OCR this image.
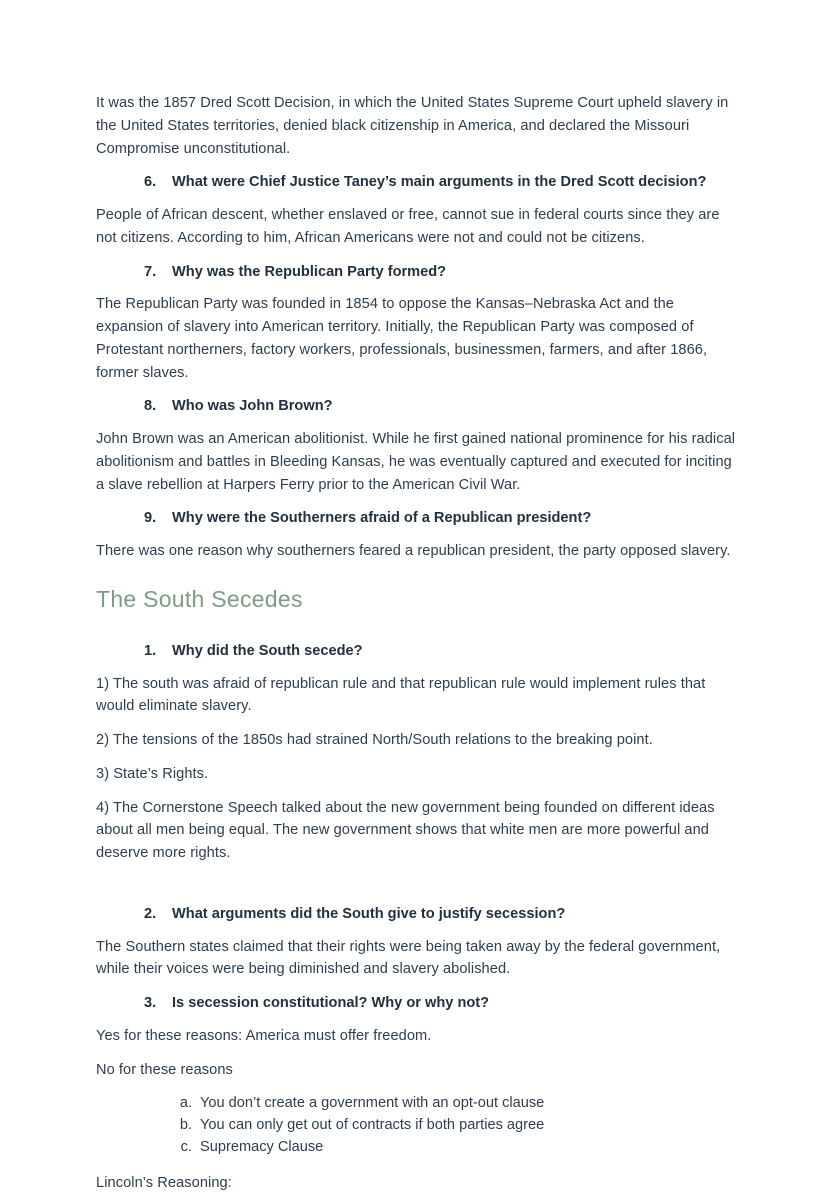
It was the 1857 Dred Scott Decision, in which the United States Supreme Court upheld slavery in the United States territories, denied black citizenship in America, and declared the Missouri Compromise unconstitutional.

6.	What were Chief Justice Taney’s main arguments in the Dred Scott decision?

People of African descent, whether enslaved or free, cannot sue in federal courts since they are not citizens. According to him, African Americans were not and could not be citizens.

7.	Why was the Republican Party formed?

The Republican Party was founded in 1854 to oppose the Kansas–Nebraska Act and the expansion of slavery into American territory. Initially, the Republican Party was composed of Protestant northerners, factory workers, professionals, businessmen, farmers, and after 1866, former slaves.

8.	Who was John Brown?

John Brown was an American abolitionist. While he first gained national prominence for his radical abolitionism and battles in Bleeding Kansas, he was eventually captured and executed for inciting a slave rebellion at Harpers Ferry prior to the American Civil War.

9.	Why were the Southerners afraid of a Republican president?

There was one reason why southerners feared a republican president, the party opposed slavery.

The South Secedes
1.	Why did the South secede?

1) The south was afraid of republican rule and that republican rule would implement rules that would eliminate slavery.

2) The tensions of the 1850s had strained North/South relations to the breaking point.

3) State’s Rights.

4) The Cornerstone Speech talked about the new government being founded on different ideas about all men being equal. The new government shows that white men are more powerful and deserve more rights.

2.	What arguments did the South give to justify secession?

The Southern states claimed that their rights were being taken away by the federal government, while their voices were being diminished and slavery abolished.

3.	Is secession constitutional? Why or why not?

Yes for these reasons: America must offer freedom.

No for these reasons

a. You don’t create a government with an opt-out clause
b. You can only get out of contracts if both parties agree
c. Supremacy Clause

Lincoln’s Reasoning:
